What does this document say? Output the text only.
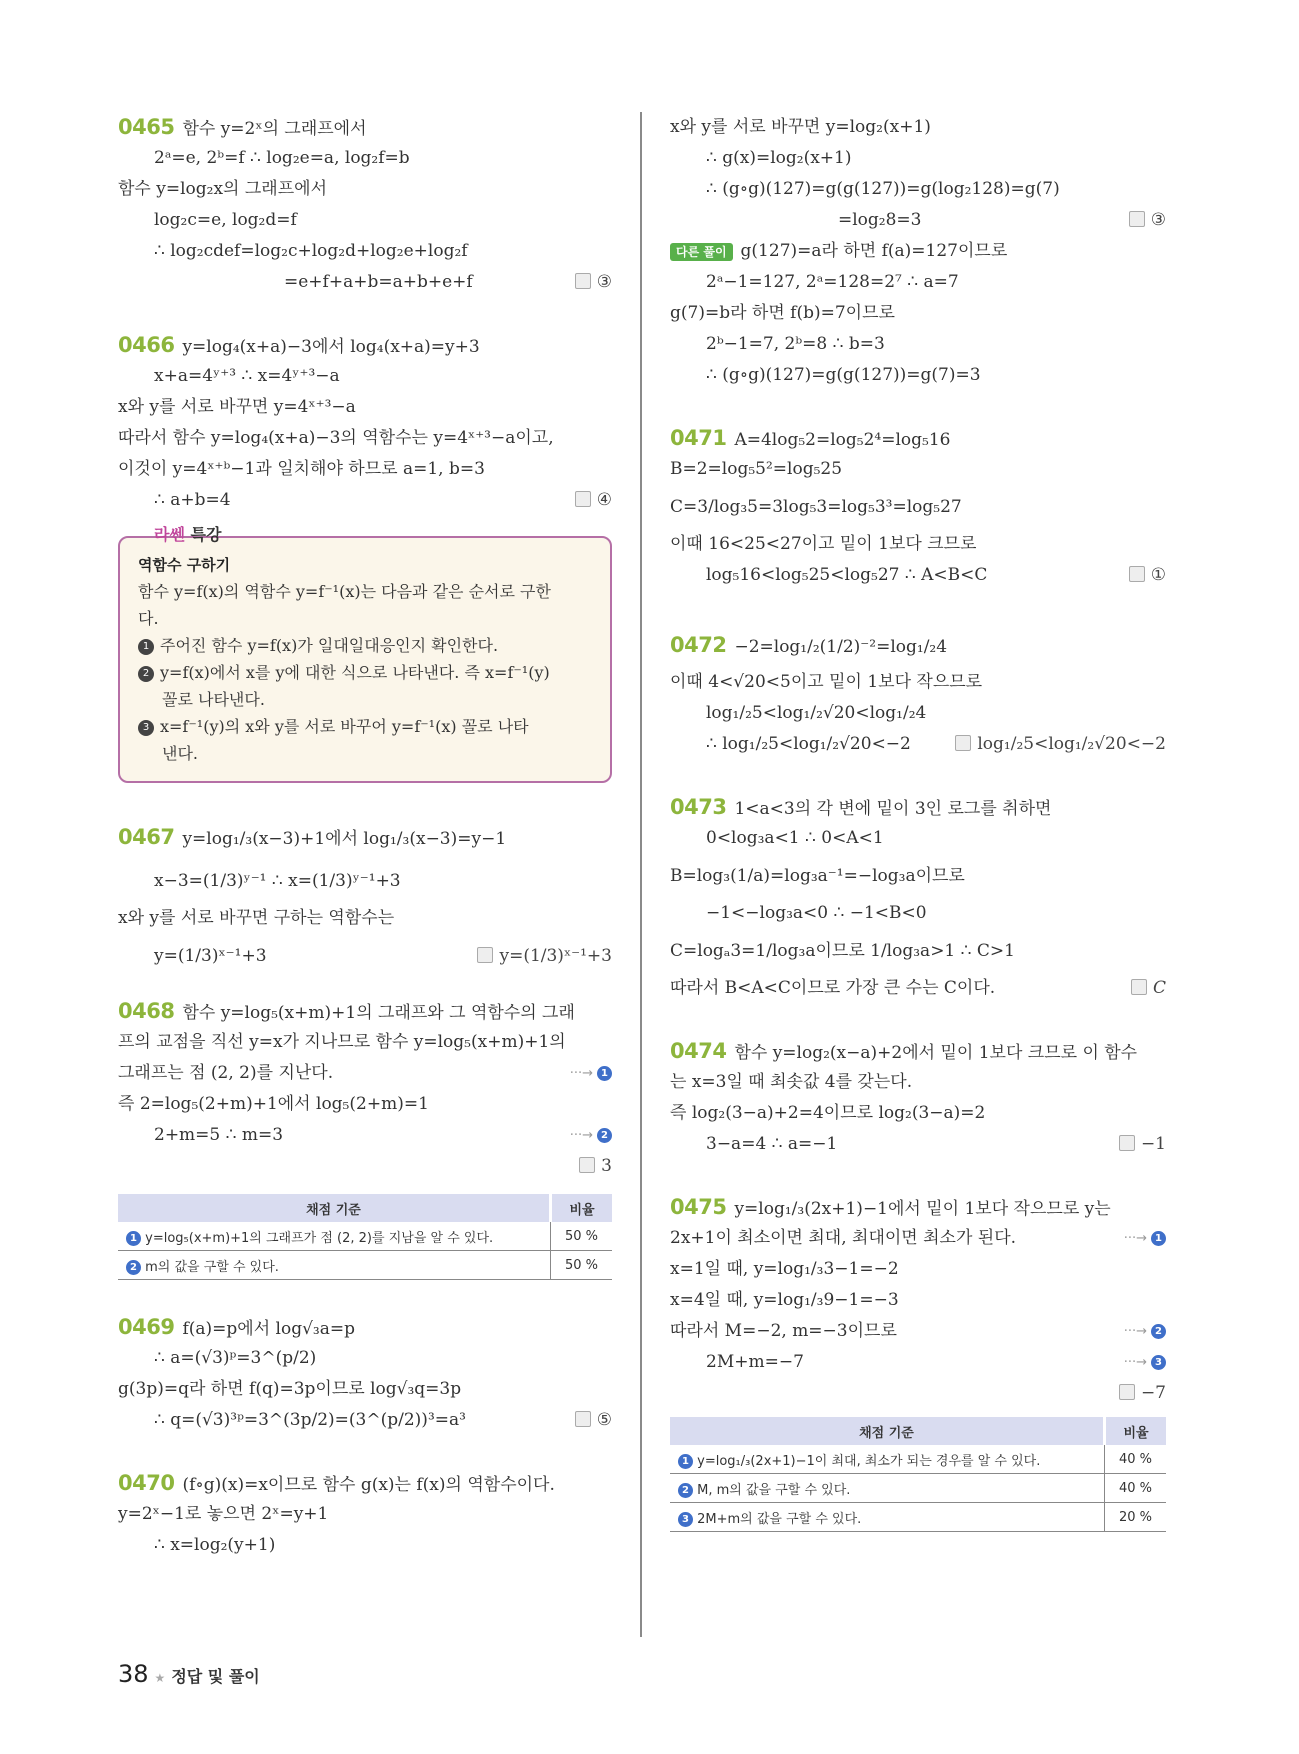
0465 함수 y=2ˣ의 그래프에서
2ᵃ=e, 2ᵇ=f ∴ log₂e=a, log₂f=b
함수 y=log₂x의 그래프에서
log₂c=e, log₂d=f
∴ log₂cdef=log₂c+log₂d+log₂e+log₂f
=e+f+a+b=a+b+e+f	③
0466 y=log₄(x+a)−3에서 log₄(x+a)=y+3
x+a=4ʸ⁺³ ∴ x=4ʸ⁺³−a
x와 y를 서로 바꾸면 y=4ˣ⁺³−a
따라서 함수 y=log₄(x+a)−3의 역함수는 y=4ˣ⁺³−a이고,
이것이 y=4ˣ⁺ᵇ−1과 일치해야 하므로 a=1, b=3
∴ a+b=4	④
라쎈 특강
역함수 구하기
함수 y=f(x)의 역함수 y=f⁻¹(x)는 다음과 같은 순서로 구한
다.
1 주어진 함수 y=f(x)가 일대일대응인지 확인한다.
2 y=f(x)에서 x를 y에 대한 식으로 나타낸다. 즉 x=f⁻¹(y)
꼴로 나타낸다.
3 x=f⁻¹(y)의 x와 y를 서로 바꾸어 y=f⁻¹(x) 꼴로 나타
낸다.
0467 y=log₁/₃(x−3)+1에서 log₁/₃(x−3)=y−1
x−3=(1/3)ʸ⁻¹ ∴ x=(1/3)ʸ⁻¹+3
x와 y를 서로 바꾸면 구하는 역함수는
y=(1/3)ˣ⁻¹+3	y=(1/3)ˣ⁻¹+3
0468 함수 y=log₅(x+m)+1의 그래프와 그 역함수의 그래
프의 교점을 직선 y=x가 지나므로 함수 y=log₅(x+m)+1의
그래프는 점 (2, 2)를 지난다.	···→ 1
즉 2=log₅(2+m)+1에서 log₅(2+m)=1
2+m=5 ∴ m=3	···→ 2
3
채점 기준	비율
1 y=log₅(x+m)+1의 그래프가 점 (2, 2)를 지남을 알 수 있다.	50 %
2 m의 값을 구할 수 있다.	50 %
0469 f(a)=p에서 log√₃a=p
∴ a=(√3)ᵖ=3^(p/2)
g(3p)=q라 하면 f(q)=3p이므로 log√₃q=3p
∴ q=(√3)³ᵖ=3^(3p/2)=(3^(p/2))³=a³	⑤
0470 (f∘g)(x)=x이므로 함수 g(x)는 f(x)의 역함수이다.
y=2ˣ−1로 놓으면 2ˣ=y+1
∴ x=log₂(y+1)
x와 y를 서로 바꾸면 y=log₂(x+1)
∴ g(x)=log₂(x+1)
∴ (g∘g)(127)=g(g(127))=g(log₂128)=g(7)
=log₂8=3	③
다른 풀이 g(127)=a라 하면 f(a)=127이므로
2ᵃ−1=127, 2ᵃ=128=2⁷ ∴ a=7
g(7)=b라 하면 f(b)=7이므로
2ᵇ−1=7, 2ᵇ=8 ∴ b=3
∴ (g∘g)(127)=g(g(127))=g(7)=3
0471 A=4log₅2=log₅2⁴=log₅16
B=2=log₅5²=log₅25
C=3/log₃5=3log₅3=log₅3³=log₅27
이때 16<25<27이고 밑이 1보다 크므로
log₅16<log₅25<log₅27 ∴ A<B<C	①
0472 −2=log₁/₂(1/2)⁻²=log₁/₂4
이때 4<√20<5이고 밑이 1보다 작으므로
log₁/₂5<log₁/₂√20<log₁/₂4
∴ log₁/₂5<log₁/₂√20<−2	log₁/₂5<log₁/₂√20<−2
0473 1<a<3의 각 변에 밑이 3인 로그를 취하면
0<log₃a<1 ∴ 0<A<1
B=log₃(1/a)=log₃a⁻¹=−log₃a이므로
−1<−log₃a<0 ∴ −1<B<0
C=logₐ3=1/log₃a이므로 1/log₃a>1 ∴ C>1
따라서 B<A<C이므로 가장 큰 수는 C이다.	C
0474 함수 y=log₂(x−a)+2에서 밑이 1보다 크므로 이 함수
는 x=3일 때 최솟값 4를 갖는다.
즉 log₂(3−a)+2=4이므로 log₂(3−a)=2
3−a=4 ∴ a=−1	−1
0475 y=log₁/₃(2x+1)−1에서 밑이 1보다 작으므로 y는
2x+1이 최소이면 최대, 최대이면 최소가 된다.	···→ 1
x=1일 때, y=log₁/₃3−1=−2
x=4일 때, y=log₁/₃9−1=−3
따라서 M=−2, m=−3이므로	···→ 2
2M+m=−7	···→ 3
−7
채점 기준	비율
1 y=log₁/₃(2x+1)−1이 최대, 최소가 되는 경우를 알 수 있다.	40 %
2 M, m의 값을 구할 수 있다.	40 %
3 2M+m의 값을 구할 수 있다.	20 %
38 ★ 정답 및 풀이
